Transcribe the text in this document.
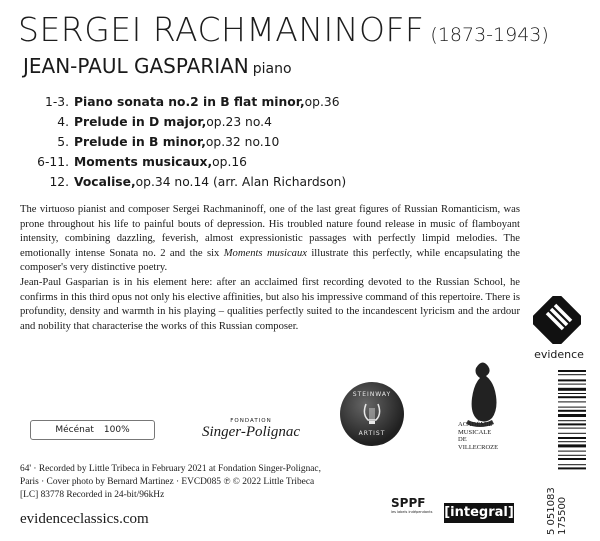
SERGEI RACHMANINOFF (1873-1943)
JEAN-PAUL GASPARIAN piano
1-3. Piano sonata no.2 in B flat minor, op.36
4. Prelude in D major, op.23 no.4
5. Prelude in B minor, op.32 no.10
6-11. Moments musicaux, op.16
12. Vocalise, op.34 no.14 (arr. Alan Richardson)

The virtuoso pianist and composer Sergei Rachmaninoff, one of the last great figures of Russian Romanticism, was prone throughout his life to painful bouts of depression. His troubled nature found release in music of flamboyant intensity, combining dazzling, feverish, almost expressionistic passages with perfectly limpid melodies. The emotionally intense Sonata no. 2 and the six Moments musicaux illustrate this perfectly, while encapsulating the composer's very distinctive poetry.

Jean-Paul Gasparian is in his element here: after an acclaimed first recording devoted to the Russian School, he confirms in this third opus not only his elective affinities, but also his impressive command of this repertoire. There is profundity, density and warmth in his playing – qualities perfectly suited to the incandescent lyricism and the ardour and nobility that characterise the works of this Russian composer.

evidence
ACADÉMIE
MUSICALE
DE
VILLECROZE
Mécénat 100%
FONDATION
Singer-Polignac
STEINWAY
ARTIST
64' · Recorded by Little Tribeca in February 2021 at Fondation Singer-Polignac,
Paris · Cover photo by Bernard Martinez · EVCD085 ℗ © 2022 Little Tribeca
[LC] 83778 Recorded in 24-bit/96kHz
evidenceclassics.com
SPPF
les labels indépendants [integral]	5 051083 175500
